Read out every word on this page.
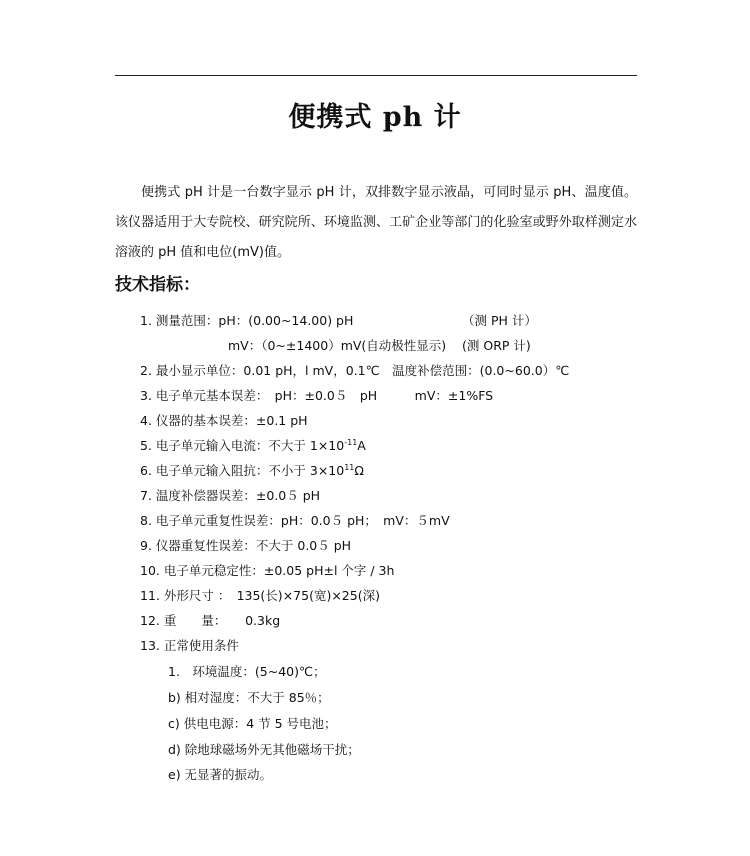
便携式 ph 计
便携式 pH 计是一台数字显示 pH 计，双排数字显示液晶，可同时显示 pH、温度值。该仪器适用于大专院校、研究院所、环境监测、工矿企业等部门的化验室或野外取样测定水溶液的 pH 值和电位(mV)值。
技术指标：
1. 测量范围：pH：(0.00~14.00) pH	（测 PH 计）
mV：（0~±1400）mV(自动极性显示) (测 ORP 计)
2. 最小显示单位：0.01 pH，l mV，0.1℃　温度补偿范围：(0.0~60.0）℃
3. 电子单元基本误差：　pH：±0.0５　pH　　　mV：±1%FS
4. 仪器的基本误差：±0.1 pH
5. 电子单元输入电流：不大于 $1\times 10^{-11}A$
6. 电子单元输入阻抗：不小于 $3\times 10^{11}\Omega$
7. 温度补偿器误差：±0.0５ pH
8. 电子单元重复性误差：pH：0.0５ pH；　mV：５mV
9. 仪器重复性误差：不大于 0.0５ pH
10. 电子单元稳定性：±0.05 pH±l 个字 / 3h
11. 外形尺寸 ：　135(长)×75(宽)×25(深)
12. 重　　量：　　0.3kg
13. 正常使用条件
1.　环境温度：(5~40)℃；
b) 相对湿度：不大于 85％；
c) 供电电源：4 节 5 号电池；
d) 除地球磁场外无其他磁场干扰；
e) 无显著的振动。
